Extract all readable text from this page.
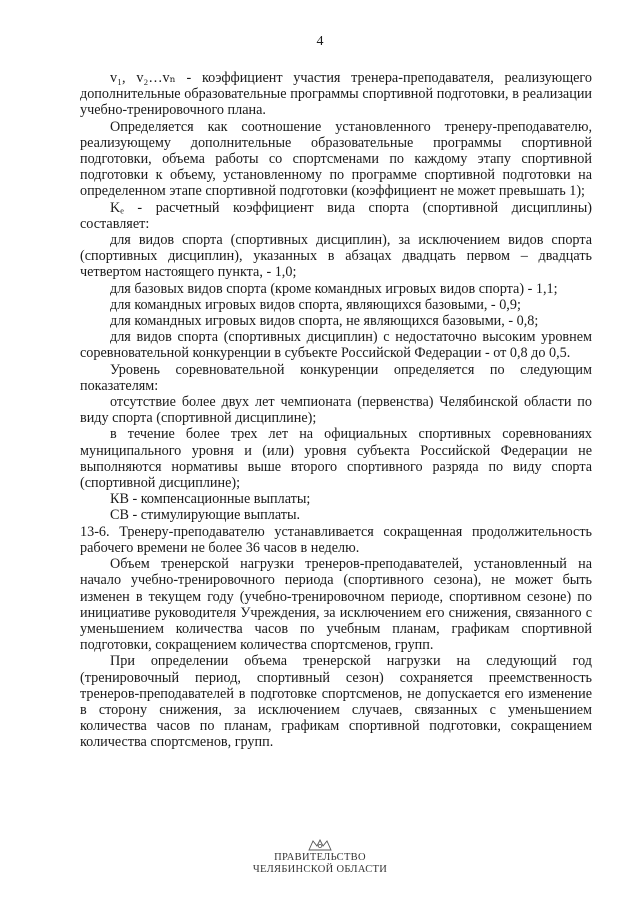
4

v₁, v₂…vₙ - коэффициент участия тренера-преподавателя, реализующего дополнительные образовательные программы спортивной подготовки, в реализации учебно-тренировочного плана.

Определяется как соотношение установленного тренеру-преподавателю, реализующему дополнительные образовательные программы спортивной подготовки, объема работы со спортсменами по каждому этапу спортивной подготовки к объему, установленному по программе спортивной подготовки на определенном этапе спортивной подготовки (коэффициент не может превышать 1);

Kₑ - расчетный коэффициент вида спорта (спортивной дисциплины) составляет:

для видов спорта (спортивных дисциплин), за исключением видов спорта (спортивных дисциплин), указанных в абзацах двадцать первом – двадцать четвертом настоящего пункта, - 1,0;

для базовых видов спорта (кроме командных игровых видов спорта) - 1,1;

для командных игровых видов спорта, являющихся базовыми, - 0,9;

для командных игровых видов спорта, не являющихся базовыми, - 0,8;

для видов спорта (спортивных дисциплин) с недостаточно высоким уровнем соревновательной конкуренции в субъекте Российской Федерации - от 0,8 до 0,5.

Уровень соревновательной конкуренции определяется по следующим показателям:

отсутствие более двух лет чемпионата (первенства) Челябинской области по виду спорта (спортивной дисциплине);

в течение более трех лет на официальных спортивных соревнованиях муниципального уровня и (или) уровня субъекта Российской Федерации не выполняются нормативы выше второго спортивного разряда по виду спорта (спортивной дисциплине);

КВ - компенсационные выплаты;

СВ - стимулирующие выплаты.

13-6. Тренеру-преподавателю устанавливается сокращенная продолжительность рабочего времени не более 36 часов в неделю.

Объем тренерской нагрузки тренеров-преподавателей, установленный на начало учебно-тренировочного периода (спортивного сезона), не может быть изменен в текущем году (учебно-тренировочном периоде, спортивном сезоне) по инициативе руководителя Учреждения, за исключением его снижения, связанного с уменьшением количества часов по учебным планам, графикам спортивной подготовки, сокращением количества спортсменов, групп.

При определении объема тренерской нагрузки на следующий год (тренировочный период, спортивный сезон) сохраняется преемственность тренеров-преподавателей в подготовке спортсменов, не допускается его изменение в сторону снижения, за исключением случаев, связанных с уменьшением количества часов по планам, графикам спортивной подготовки, сокращением количества спортсменов, групп.

ПРАВИТЕЛЬСТВО
ЧЕЛЯБИНСКОЙ ОБЛАСТИ
